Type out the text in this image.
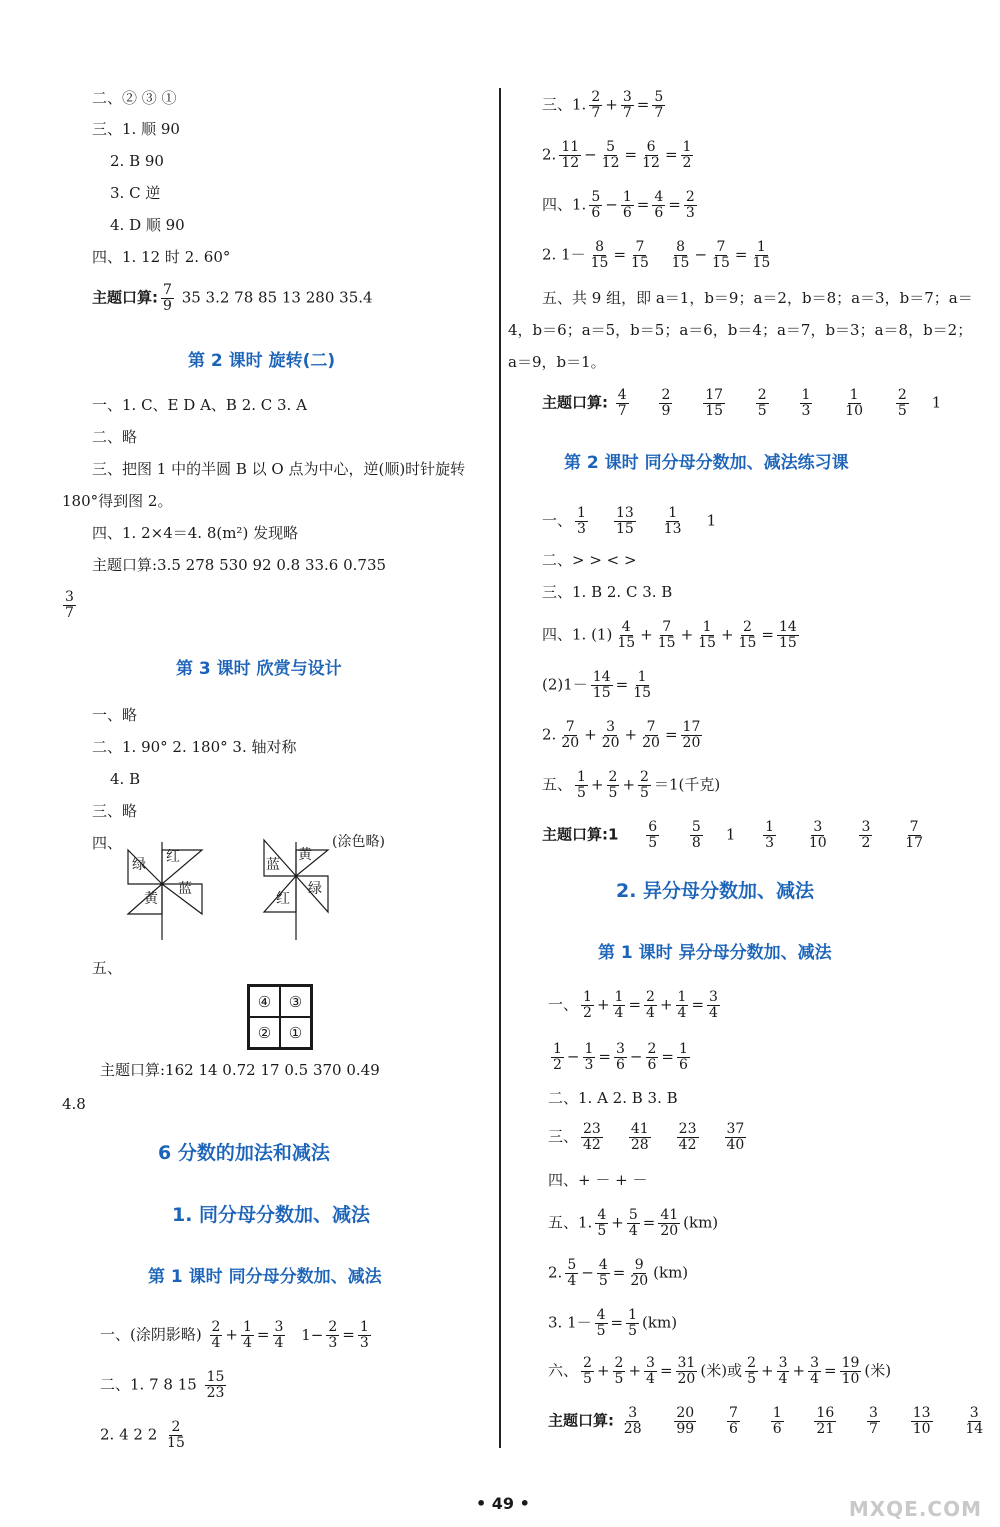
二、② ③ ①
三、1. 顺 90
2. B 90
3. C 逆
4. D 顺 90
四、1. 12 时 2. 60°
主题口算: $\frac{7}{9} 35$ 3.2 78 85 13 280 35.4
第 2 课时 旋转(二)
一、1. C、E D A、B 2. C 3. A
二、略
三、把图 1 中的半圆 B 以 O 点为中心，逆(顺)时针旋转
180°得到图 2。
四、1. 2×4＝4. 8(m²) 发现略
主题口算:3.5 278 530 92 0.8 33.6 0.735
$\frac{3}{7}$
第 3 课时 欣赏与设计
一、略
二、1. 90° 2. 180° 3. 轴对称
4. B
三、略
四、
绿 红
黄
蓝
蓝
黄
红
绿
(涂色略)
五、
④	③
②	①
主题口算:162 14 0.72 17 0.5 370 0.49
4.8
6 分数的加法和减法
1. 同分母分数加、减法
第 1 课时 同分母分数加、减法
一、(涂阴影略) $\frac{2}{4} + \frac{1}{4} = \frac{3}{4} 1- \frac{2}{3} = \frac{1}{3}$
二、1. 7 8 $15 \frac{15}{23}$
2. 4 2 $2 \frac{2}{15}$
三、1. $\frac{2}{7} + \frac{3}{7} = \frac{5}{7}$
2. $\frac{11}{12} - \frac{5}{12} = \frac{6}{12} = \frac{1}{2}$
四、1. $\frac{5}{6} - \frac{1}{6} = \frac{4}{6} = \frac{2}{3}$
2. $1- \frac{8}{15} = \frac{7}{15}$
$\frac{8}{15} - \frac{7}{15} = \frac{1}{15}$
五、共 9 组，即 a＝1，b＝9；a＝2，b＝8；a＝3，b＝7；a＝
4，b＝6；a＝5，b＝5；a＝6，b＝4；a＝7，b＝3；a＝8，b＝2；
a＝9，b＝1。
主题口算: $\frac{4}{7}$
$\frac{2}{9}$
$\frac{17}{15}$
$\frac{2}{5}$
$\frac{1}{3}$
$\frac{1}{10}$
$\frac{2}{5} 1$
第 2 课时 同分母分数加、减法练习课
一、 $\frac{1}{3} \frac{13}{15} \frac{1}{13} 1$
二、> > < >
三、1. B 2. C 3. B
四、1. $(1) \frac{4}{15} + \frac{7}{15} + \frac{1}{15} + \frac{2}{15} = \frac{14}{15}$
$(2)1- \frac{14}{15} = \frac{1}{15}$
2. $\frac{7}{20} + \frac{3}{20} + \frac{7}{20} = \frac{17}{20}$
五、 $\frac{1}{5} + \frac{2}{5} + \frac{2}{5} =1$(千克)
主题口算:1 $\frac{6}{5}$
$\frac{5}{8} 1 \frac{1}{3}$
$\frac{3}{10}$
$\frac{3}{2}$
$\frac{7}{17}$
2. 异分母分数加、减法
第 1 课时 异分母分数加、减法
一、 $\frac{1}{2} + \frac{1}{4} = \frac{2}{4} + \frac{1}{4} = \frac{3}{4}$
$\frac{1}{2} - \frac{1}{3} = \frac{3}{6} - \frac{2}{6} = \frac{1}{6}$
二、1. A 2. B 3. B
三、 $\frac{23}{42} \frac{41}{28} \frac{23}{42} \frac{37}{40}$
四、+ － + －
五、1. $\frac{4}{5} + \frac{5}{4} = \frac{41}{20} (km)$
2. $\frac{5}{4} - \frac{4}{5} = \frac{9}{20} (km)$
3. $1- \frac{4}{5} = \frac{1}{5} (km)$
六、 $\frac{2}{5} + \frac{2}{5} + \frac{3}{4} = \frac{31}{20}$ (米)或 $\frac{2}{5} + \frac{3}{4} + \frac{3}{4} = \frac{19}{10}$ (米)
主题口算: $\frac{3}{28}$
$\frac{20}{99}$
$\frac{7}{6}$
$\frac{1}{6}$
$\frac{16}{21}$
$\frac{3}{7}$
$\frac{13}{10}$
$\frac{3}{14}$
• 49 •	MXQE.COM
